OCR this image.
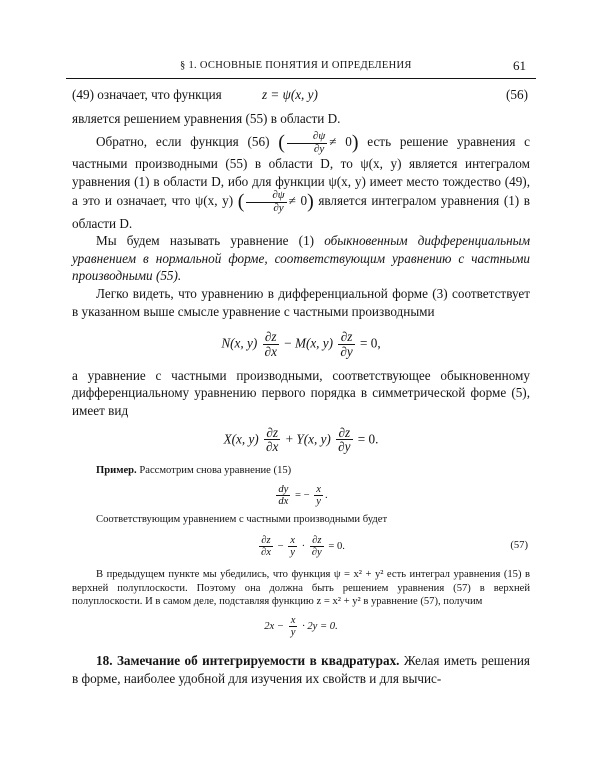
§ 1. ОСНОВНЫЕ ПОНЯТИЯ И ОПРЕДЕЛЕНИЯ	61
(49) означает, что функция	z = ψ(x, y)	(56)

является решением уравнения (55) в области D.

Обратно, если функция (56) ( $\frac{\partial\psi}{\partial y} \ne 0$) есть решение уравнения с частными производными (55) в области D, то ψ(x, y) является интегралом уравнения (1) в области D, ибо для функции ψ(x, y) имеет место тождество (49), а это и означает, что ψ(x, y) ( $\frac{\partial\psi}{\partial y} \ne 0$) является интегралом уравнения (1) в области D.

Мы будем называть уравнение (1) обыкновенным дифференциальным уравнением в нормальной форме, соответствующим уравнению с частными производными (55).

Легко видеть, что уравнению в дифференциальной форме (3) соответствует в указанном выше смысле уравнение с частными производными

N(x, $y) \frac{\partial z}{\partial x} - M(x$, $y) \frac{\partial z}{\partial y} = 0$,

а уравнение с частными производными, соответствующее обыкновенному дифференциальному уравнению первого порядка в симметрической форме (5), имеет вид

X(x, $y) \frac{\partial z}{\partial x} + Y(x$, $y) \frac{\partial z}{\partial y} = 0$.

Пример. Рассмотрим снова уравнение (15)

$\frac{dy}{dx}$ = − $\frac{x}{y}$ .

Соответствующим уравнением с частными производными будет

$\frac{\partial z}{\partial x} - \frac{x}{y} \cdot \frac{\partial z}{\partial y} = 0$.	(57)

В предыдущем пункте мы убедились, что функция ψ = x² + y² есть интеграл уравнения (15) в верхней полуплоскости. Поэтому она должна быть решением уравнения (57) в верхней полуплоскости. И в самом деле, подставляя функцию z = x² + y² в уравнение (57), получим

$2x - \frac{x}{y} \cdot 2y = 0$.

18. Замечание об интегрируемости в квадратурах. Желая иметь решения в форме, наиболее удобной для изучения их свойств и для вычис-
